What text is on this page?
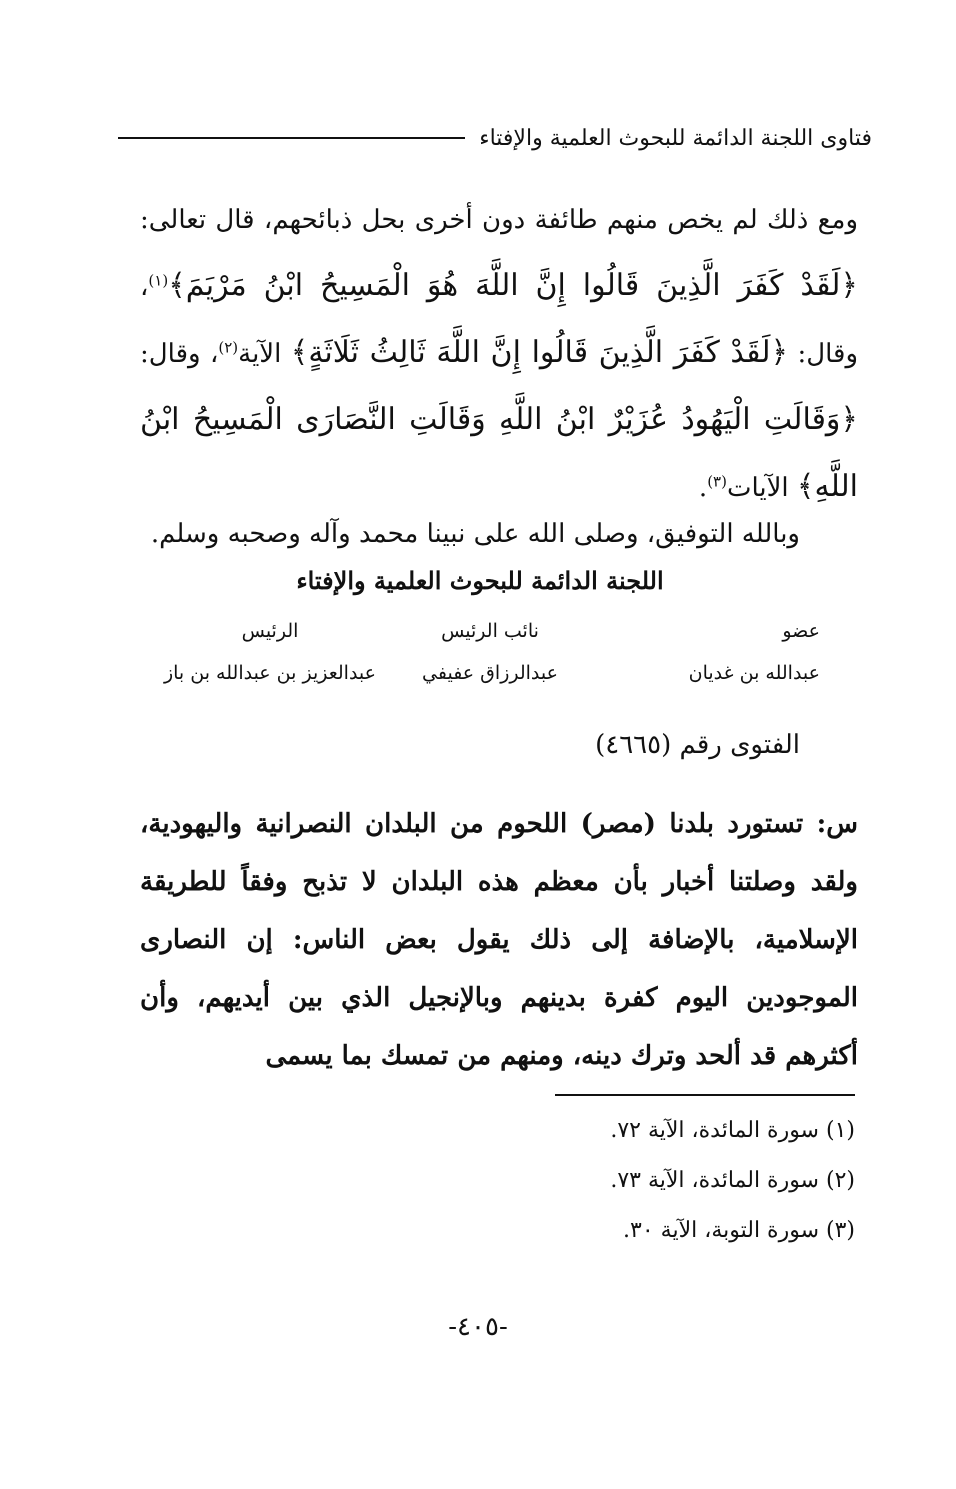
فتاوى اللجنة الدائمة للبحوث العلمية والإفتاء
ومع ذلك لم يخص منهم طائفة دون أخرى بحل ذبائحهم، قال تعالى: ﴿لَقَدْ كَفَرَ الَّذِينَ قَالُوا إِنَّ اللَّهَ هُوَ الْمَسِيحُ ابْنُ مَرْيَمَ﴾$^{(١)}$، وقال: ﴿لَقَدْ كَفَرَ الَّذِينَ قَالُوا إِنَّ اللَّهَ ثَالِثُ ثَلَاثَةٍ﴾ الآية$^{(٢)}$، وقال: ﴿وَقَالَتِ الْيَهُودُ عُزَيْرٌ ابْنُ اللَّهِ وَقَالَتِ النَّصَارَى الْمَسِيحُ ابْنُ اللَّهِ﴾ الآيات$^{(٣)}$.
وبالله التوفيق، وصلى الله على نبينا محمد وآله وصحبه وسلم.
اللجنة الدائمة للبحوث العلمية والإفتاء
عضو
نائب الرئيس
الرئيس
عبدالله بن غديان
عبدالرزاق عفيفي
عبدالعزيز بن عبدالله بن باز
الفتوى رقم (٤٦٦٥)
س: تستورد بلدنا (مصر) اللحوم من البلدان النصرانية واليهودية، ولقد وصلتنا أخبار بأن معظم هذه البلدان لا تذبح وفقاً للطريقة الإسلامية، بالإضافة إلى ذلك يقول بعض الناس: إن النصارى الموجودين اليوم كفرة بدينهم وبالإنجيل الذي بين أيديهم، وأن أكثرهم قد ألحد وترك دينه، ومنهم من تمسك بما يسمى
(١) سورة المائدة، الآية ٧٢.
(٢) سورة المائدة، الآية ٧٣.
(٣) سورة التوبة، الآية ٣٠.
-٤٠٥-
